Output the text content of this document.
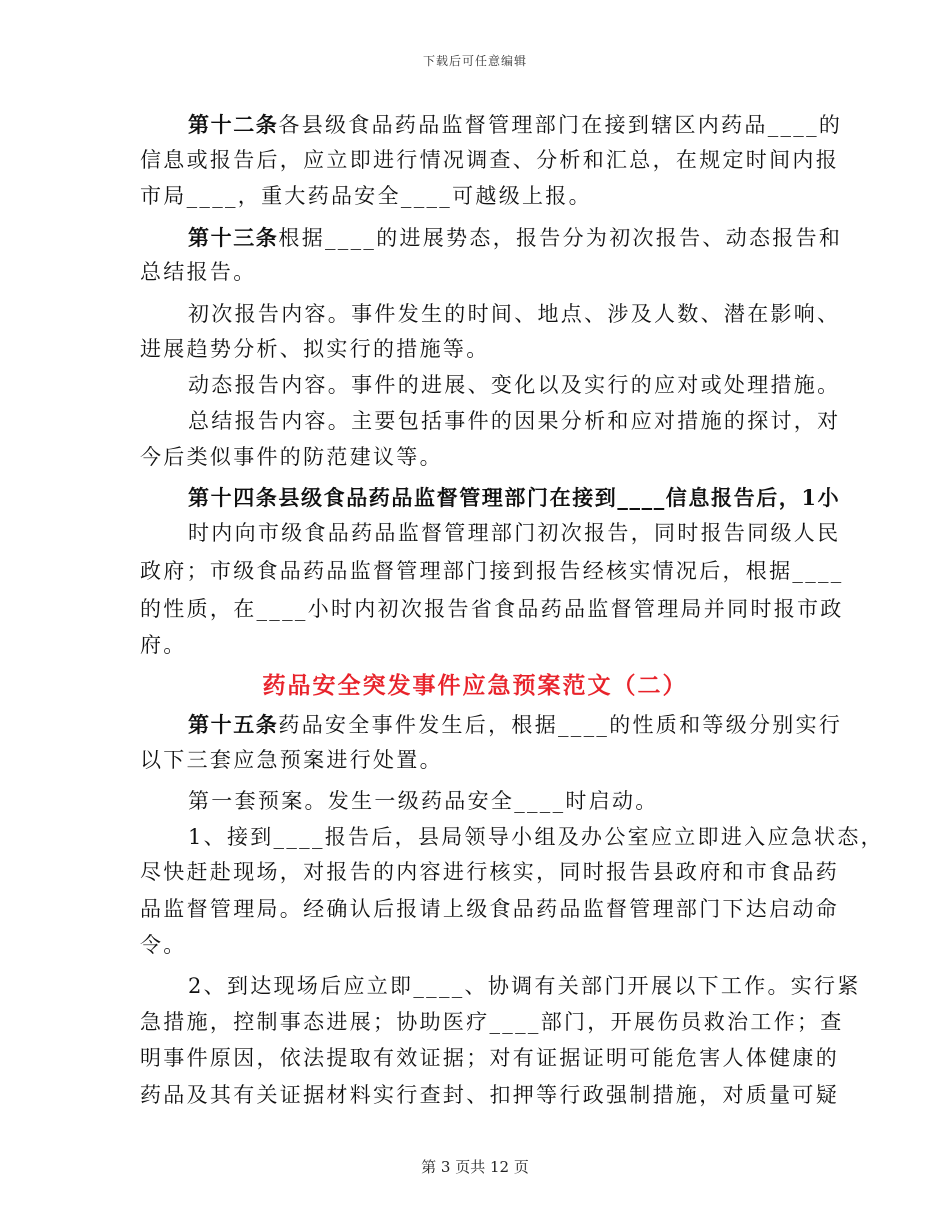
下载后可任意编辑
第十二条各县级食品药品监督管理部门在接到辖区内药品____的
信息或报告后，应立即进行情况调查、分析和汇总，在规定时间内报
市局____，重大药品安全____可越级上报。
第十三条根据____的进展势态，报告分为初次报告、动态报告和
总结报告。
初次报告内容。事件发生的时间、地点、涉及人数、潜在影响、
进展趋势分析、拟实行的措施等。
动态报告内容。事件的进展、变化以及实行的应对或处理措施。
总结报告内容。主要包括事件的因果分析和应对措施的探讨，对
今后类似事件的防范建议等。
第十四条县级食品药品监督管理部门在接到____信息报告后，1小
时内向市级食品药品监督管理部门初次报告，同时报告同级人民
政府；市级食品药品监督管理部门接到报告经核实情况后，根据____
的性质，在____小时内初次报告省食品药品监督管理局并同时报市政
府。
药品安全突发事件应急预案范文（二）
第十五条药品安全事件发生后，根据____的性质和等级分别实行
以下三套应急预案进行处置。
第一套预案。发生一级药品安全____时启动。
1、接到____报告后，县局领导小组及办公室应立即进入应急状态，
尽快赶赴现场，对报告的内容进行核实，同时报告县政府和市食品药
品监督管理局。经确认后报请上级食品药品监督管理部门下达启动命
令。
2、到达现场后应立即____、协调有关部门开展以下工作。实行紧
急措施，控制事态进展；协助医疗____部门，开展伤员救治工作；查
明事件原因，依法提取有效证据；对有证据证明可能危害人体健康的
药品及其有关证据材料实行查封、扣押等行政强制措施，对质量可疑
第 3 页共 12 页
